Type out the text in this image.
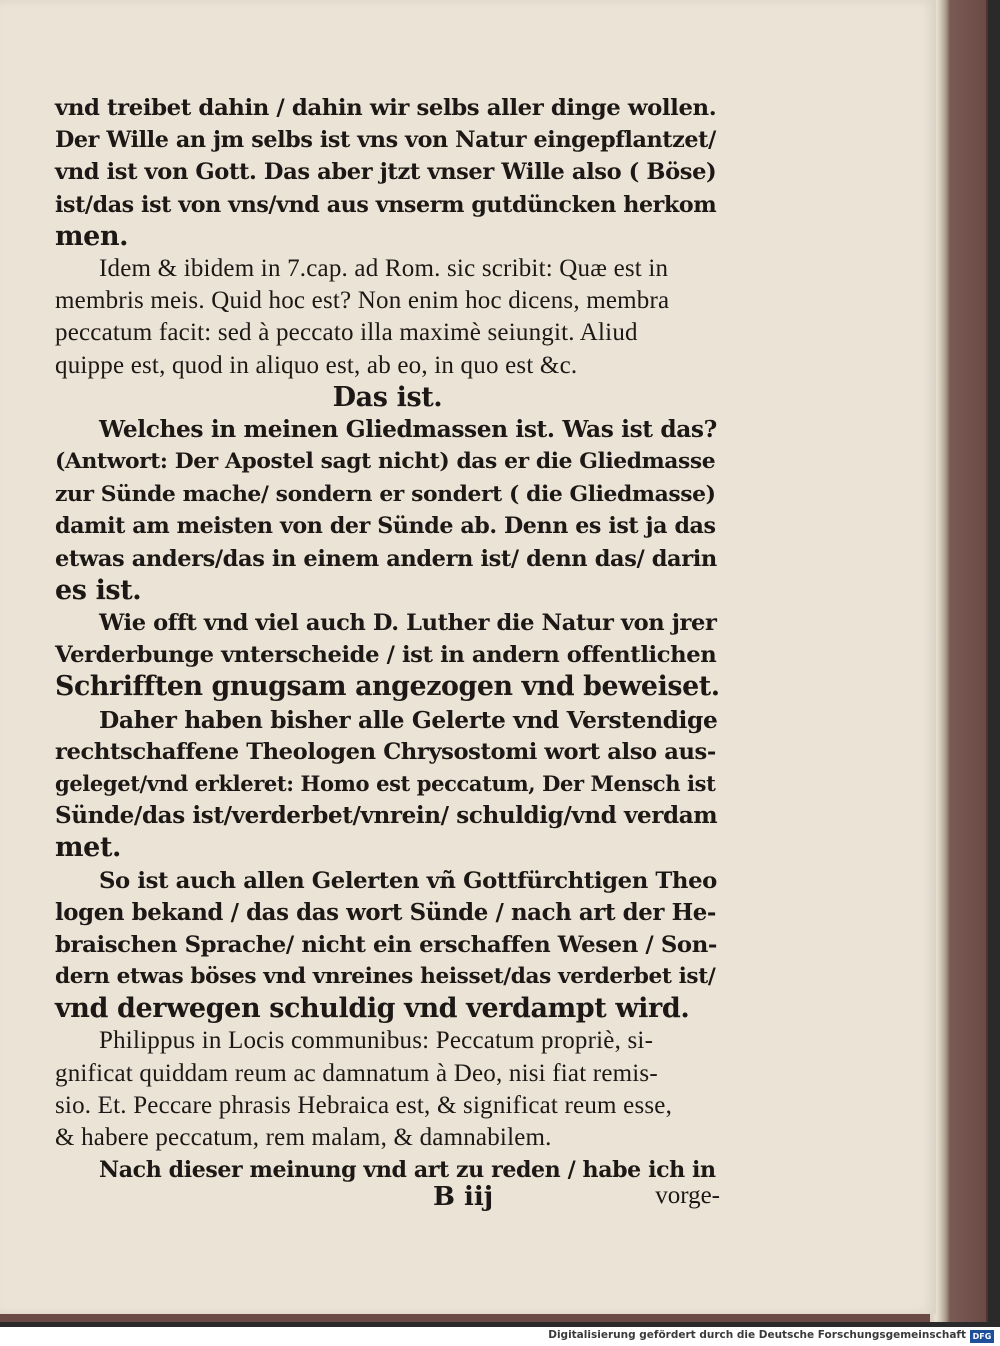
vnd treibet dahin / dahin wir selbs aller dinge wollen.
Der Wille an jm selbs ist vns von Natur eingepflantzet/
vnd ist von Gott. Das aber jtzt vnser Wille also ( Böse)
ist/das ist von vns/vnd aus vnserm gutdüncken herkom
men.
Idem & ibidem in 7.cap. ad Rom. sic scribit: Quæ est in
membris meis. Quid hoc est? Non enim hoc dicens, membra
peccatum facit: sed à peccato illa maximè seiungit. Aliud
quippe est, quod in aliquo est, ab eo, in quo est &c.
Das ist.
Welches in meinen Gliedmassen ist. Was ist das?
(Antwort: Der Apostel sagt nicht) das er die Gliedmasse
zur Sünde mache/ sondern er sondert ( die Gliedmasse)
damit am meisten von der Sünde ab. Denn es ist ja das
etwas anders/das in einem andern ist/ denn das/ darin
es ist.
Wie offt vnd viel auch D. Luther die Natur von jrer
Verderbunge vnterscheide / ist in andern offentlichen
Schrifften gnugsam angezogen vnd beweiset.
Daher haben bisher alle Gelerte vnd Verstendige
rechtschaffene Theologen Chrysostomi wort also aus-
geleget/vnd erkleret: Homo est peccatum, Der Mensch ist
Sünde/das ist/verderbet/vnrein/ schuldig/vnd verdam
met.
So ist auch allen Gelerten vñ Gottfürchtigen Theo
logen bekand / das das wort Sünde / nach art der He-
braischen Sprache/ nicht ein erschaffen Wesen / Son-
dern etwas böses vnd vnreines heisset/das verderbet ist/
vnd derwegen schuldig vnd verdampt wird.
Philippus in Locis communibus: Peccatum propriè, si-
gnificat quiddam reum ac damnatum à Deo, nisi fiat remis-
sio. Et. Peccare phrasis Hebraica est, & significat reum esse,
& habere peccatum, rem malam, & damnabilem.
Nach dieser meinung vnd art zu reden / habe ich in
B iij	vorge-
Digitalisierung gefördert durch die Deutsche Forschungsgemeinschaft DFG
